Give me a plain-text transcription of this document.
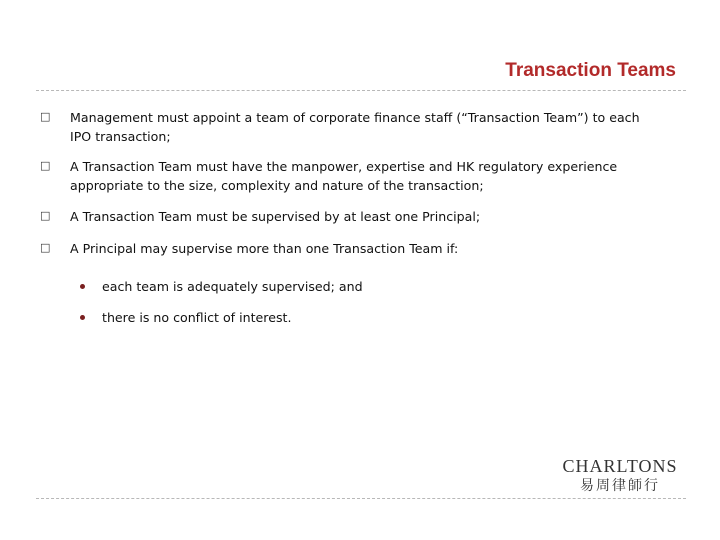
Transaction Teams
□ Management must appoint a team of corporate finance staff (“Transaction Team”) to each IPO transaction;
□ A Transaction Team must have the manpower, expertise and HK regulatory experience appropriate to the size, complexity and nature of the transaction;
□ A Transaction Team must be supervised by at least one Principal;
□ A Principal may supervise more than one Transaction Team if:
each team is adequately supervised; and
there is no conflict of interest.
CHARLTONS
易周律師行
